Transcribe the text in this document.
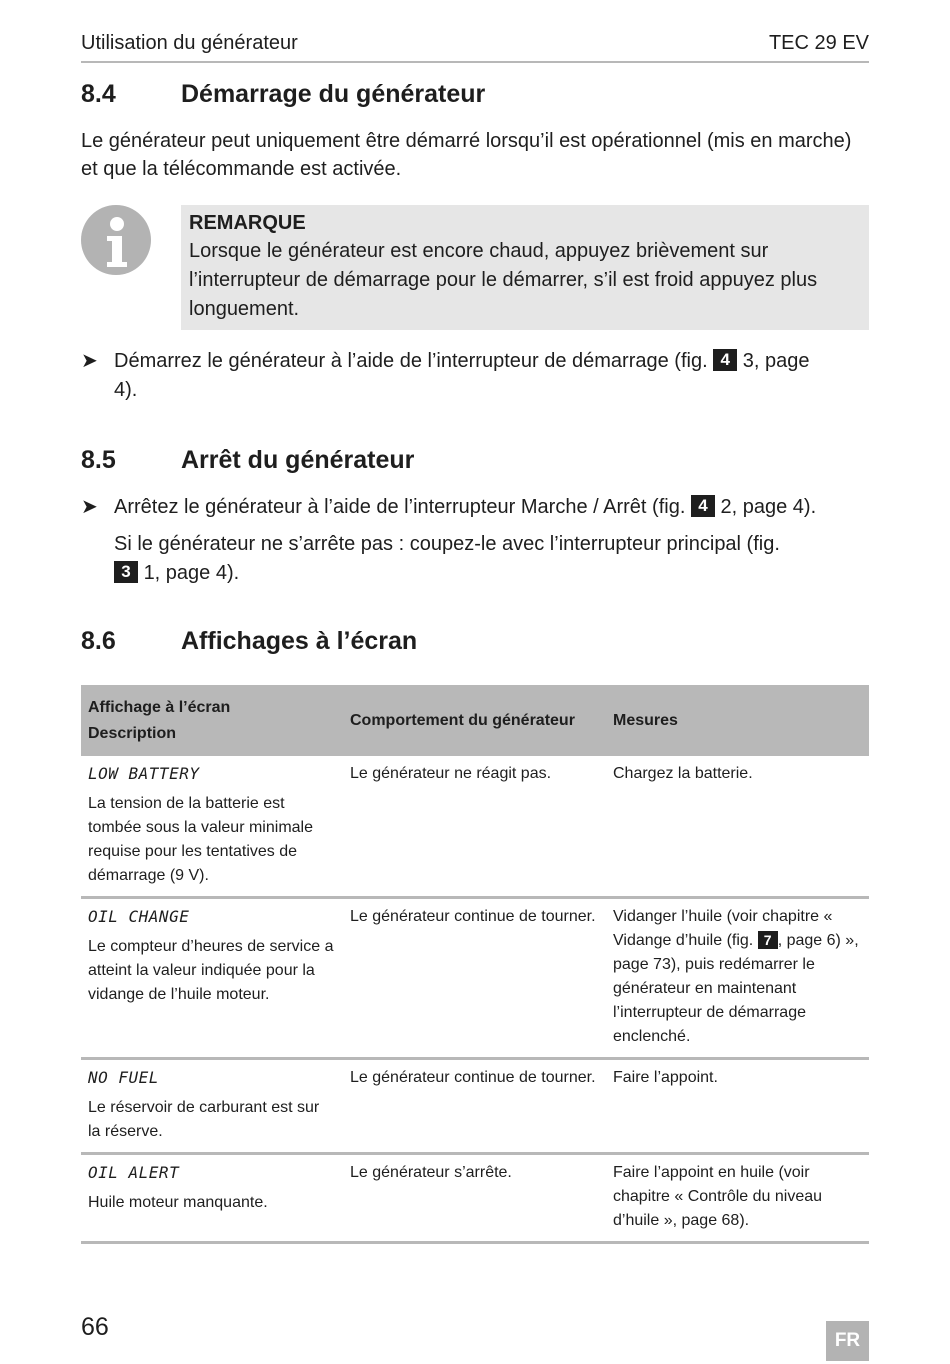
Utilisation du générateur	TEC 29 EV
8.4	Démarrage du générateur

Le générateur peut uniquement être démarré lorsqu’il est opérationnel (mis en marche) et que la télécommande est activée.

REMARQUE
Lorsque le générateur est encore chaud, appuyez brièvement sur l’interrupteur de démarrage pour le démarrer, s’il est froid appuyez plus longuement.
➤ Démarrez le générateur à l’aide de l’interrupteur de démarrage (fig. 4 3, page 4).
8.5	Arrêt du générateur
➤ Arrêtez le générateur à l’aide de l’interrupteur Marche / Arrêt (fig. 4 2, page 4).
Si le générateur ne s’arrête pas : coupez-le avec l’interrupteur principal (fig. 3 1, page 4).
8.6	Affichages à l’écran
Affichage à l’écran
Description	Comportement du générateur	Mesures

LOW BATTERY
La tension de la batterie est tombée sous la valeur minimale requise pour les tentatives de démarrage (9 V).	Le générateur ne réagit pas.	Chargez la batterie.

OIL CHANGE
Le compteur d’heures de service a atteint la valeur indiquée pour la vidange de l’huile moteur.	Le générateur continue de tourner.	Vidanger l’huile (voir chapitre « Vidange d’huile (fig. 7 , page 6) », page 73), puis redémarrer le générateur en maintenant l’interrupteur de démarrage enclenché.

NO FUEL
Le réservoir de carburant est sur la réserve.	Le générateur continue de tourner.	Faire l’appoint.

OIL ALERT
Huile moteur manquante.	Le générateur s’arrête.	Faire l’appoint en huile (voir chapitre « Contrôle du niveau d’huile », page 68).
66	FR
